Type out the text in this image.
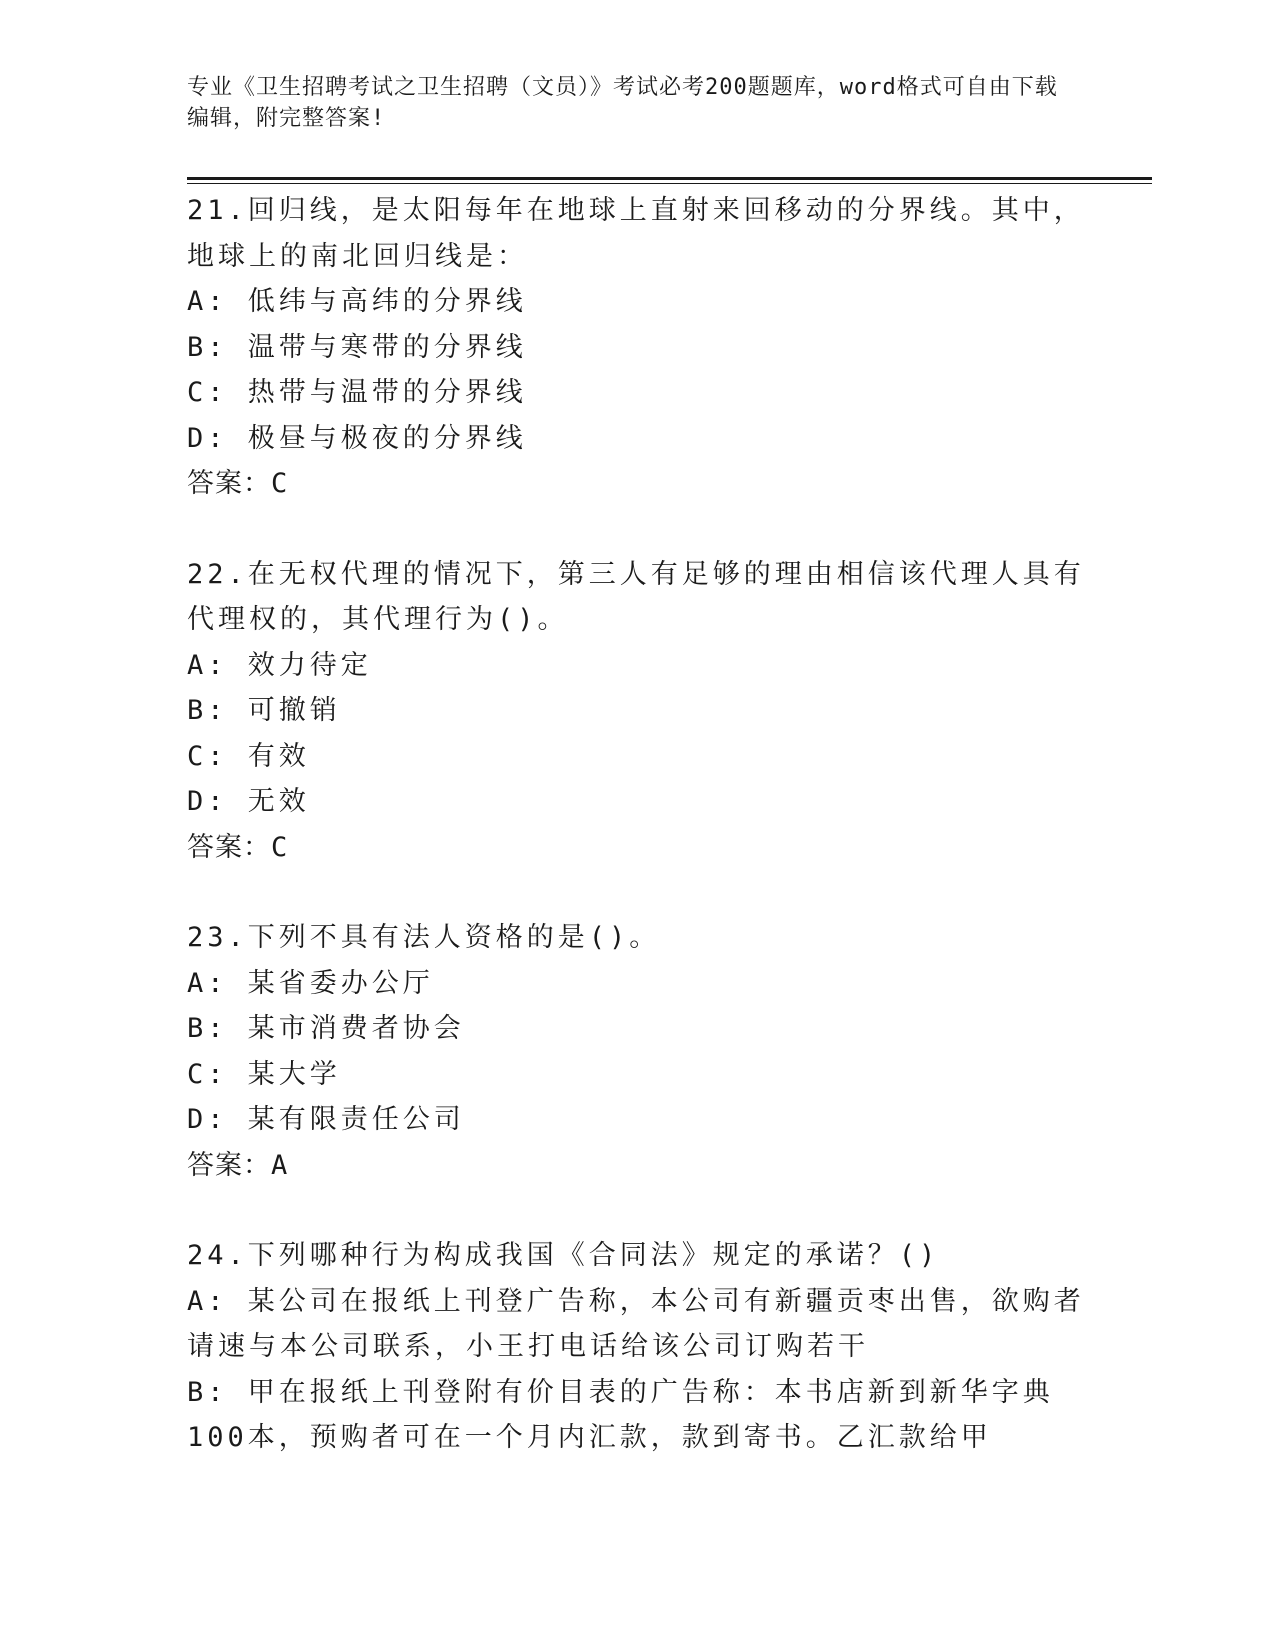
专业《卫生招聘考试之卫生招聘（文员）》考试必考200题题库，word格式可自由下载编辑，附完整答案!
21.回归线，是太阳每年在地球上直射来回移动的分界线。其中，地球上的南北回归线是：
A: 低纬与高纬的分界线
B: 温带与寒带的分界线
C: 热带与温带的分界线
D: 极昼与极夜的分界线
答案：C
22.在无权代理的情况下，第三人有足够的理由相信该代理人具有代理权的，其代理行为()。
A: 效力待定
B: 可撤销
C: 有效
D: 无效
答案：C
23.下列不具有法人资格的是()。
A: 某省委办公厅
B: 某市消费者协会
C: 某大学
D: 某有限责任公司
答案：A
24.下列哪种行为构成我国《合同法》规定的承诺？()
A: 某公司在报纸上刊登广告称，本公司有新疆贡枣出售，欲购者请速与本公司联系，小王打电话给该公司订购若干
B: 甲在报纸上刊登附有价目表的广告称：本书店新到新华字典100本，预购者可在一个月内汇款，款到寄书。乙汇款给甲
